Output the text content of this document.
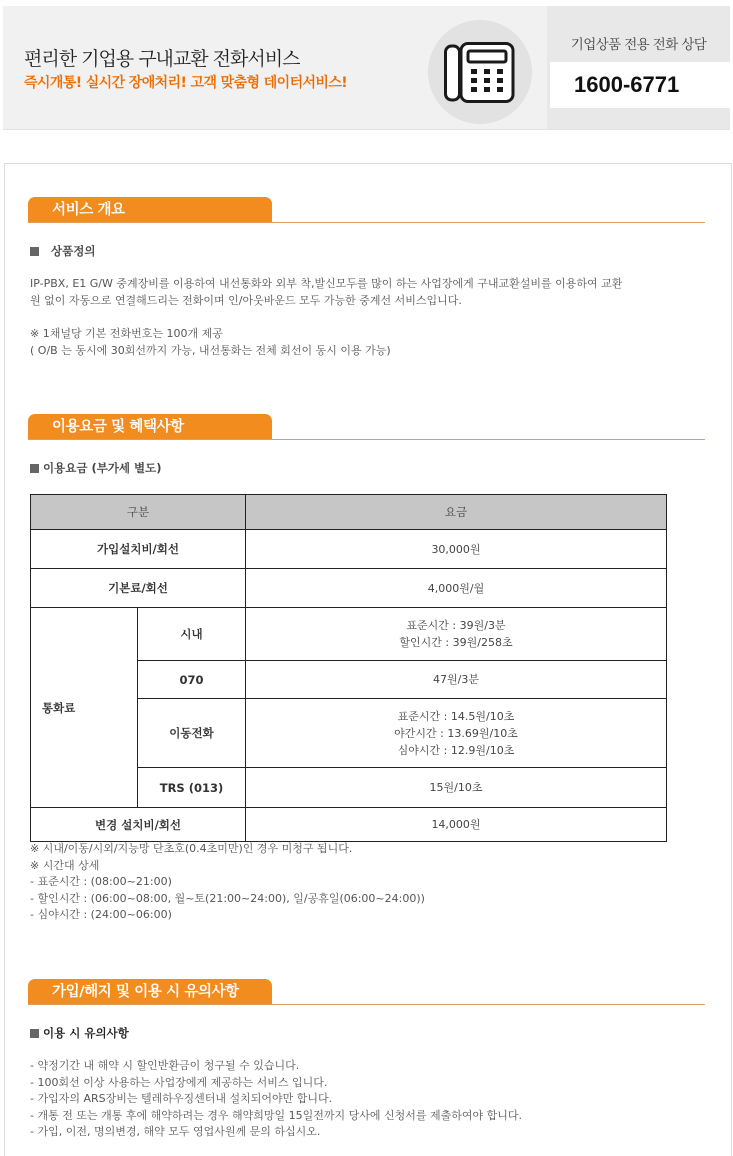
편리한 기업용 구내교환 전화서비스
즉시개통! 실시간 장애처리! 고객 맞춤형 데이터서비스!
기업상품 전용 전화 상담
1600-6771
서비스 개요
상품정의
IP-PBX, E1 G/W 중계장비를 이용하여 내선통화와 외부 착,발신모두를 많이 하는 사업장에게 구내교환설비를 이용하여 교환
원 없이 자동으로 연결해드리는 전화이며 인/아웃바운드 모두 가능한 중계선 서비스입니다.
※ 1채널당 기본 전화번호는 100개 제공
( O/B 는 동시에 30회선까지 가능, 내선통화는 전체 회선이 동시 이용 가능)
이용요금 및 혜택사항
이용요금 (부가세 별도)
구분		요금
가입설치비/회선		30,000원
기본료/회선		4,000원/월
통화료	시내	표준시간 : 39원/3분
할인시간 : 39원/258초

	070	47원/3분
	이동전화	표준시간 : 14.5원/10초
야간시간 : 13.69원/10초
심야시간 : 12.9원/10초

	TRS (013)	15원/10초
변경 설치비/회선		14,000원
※ 시내/이동/시외/지능망 단초호(0.4초미만)인 경우 미청구 됩니다.
※ 시간대 상세
- 표준시간 : (08:00~21:00)
- 할인시간 : (06:00~08:00, 월~토(21:00~24:00), 일/공휴일(06:00~24:00))
- 심야시간 : (24:00~06:00)
가입/해지 및 이용 시 유의사항
이용 시 유의사항
- 약정기간 내 해약 시 할인반환금이 청구될 수 있습니다.
- 100회선 이상 사용하는 사업장에게 제공하는 서비스 입니다.
- 가입자의 ARS장비는 텔레하우징센터내 설치되어야만 합니다.
- 개통 전 또는 개통 후에 해약하려는 경우 해약희망일 15일전까지 당사에 신청서를 제출하여야 합니다.
- 가입, 이전, 명의변경, 해약 모두 영업사원께 문의 하십시오.
